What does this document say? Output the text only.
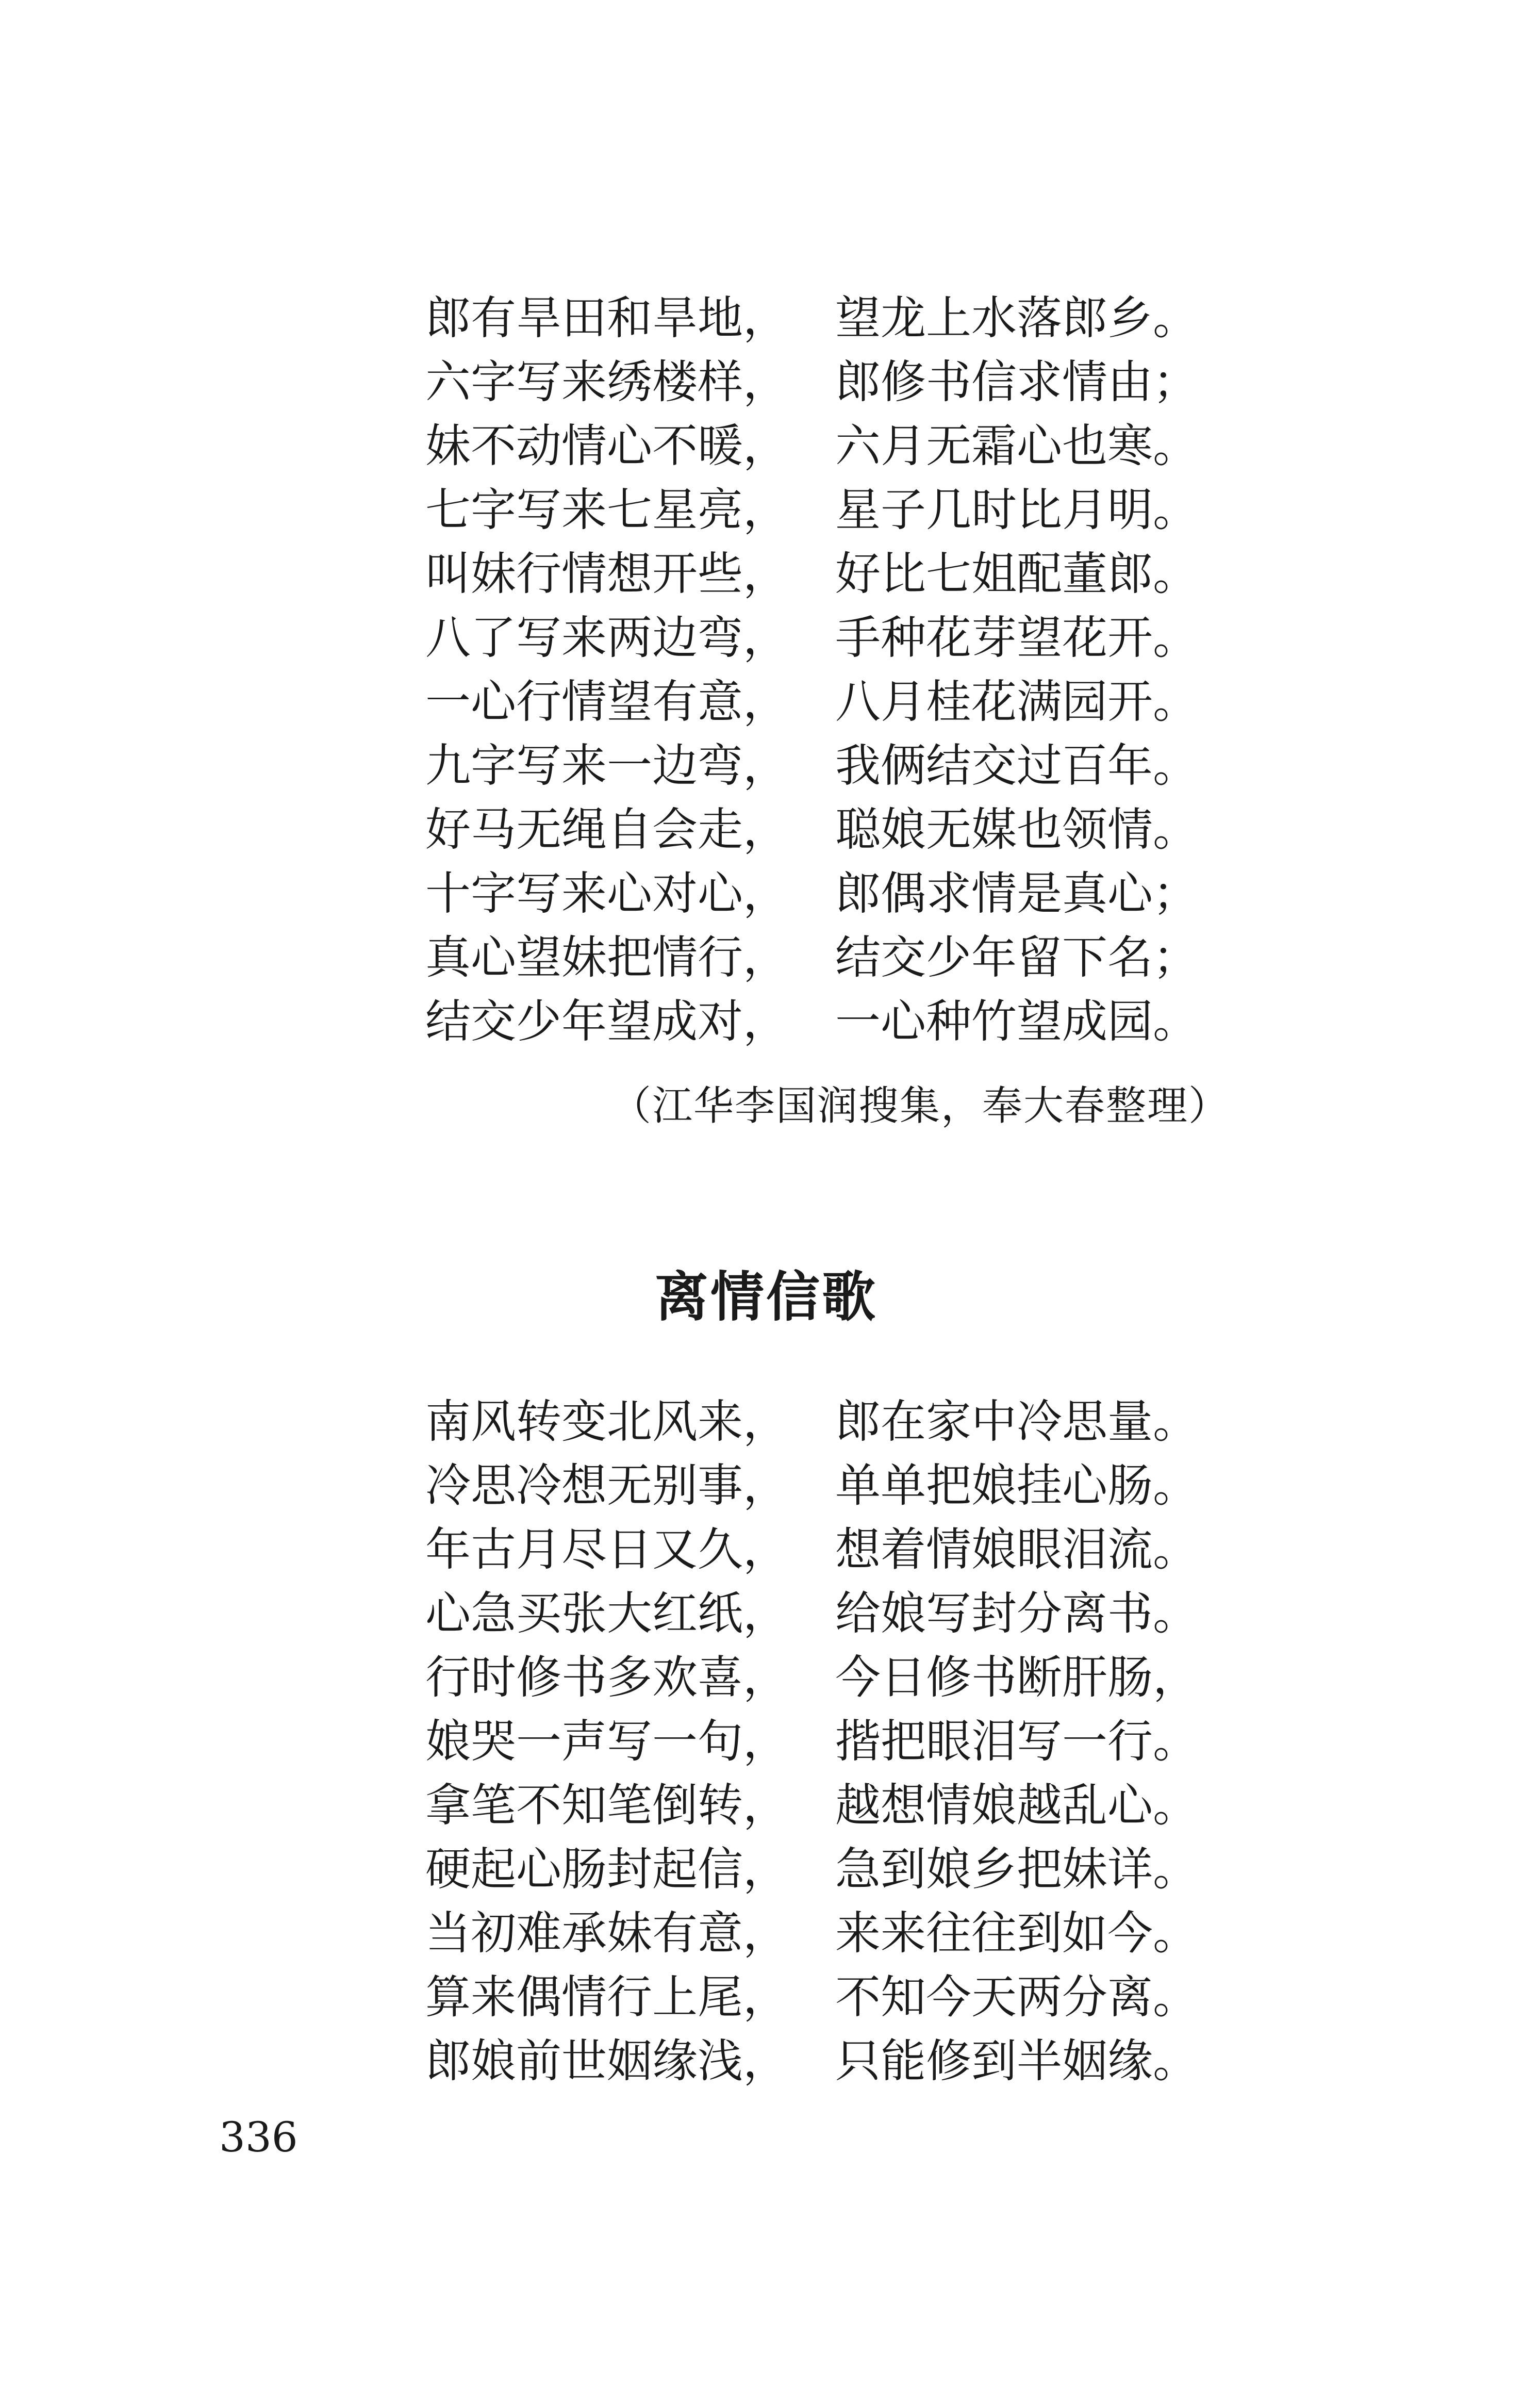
郎有旱田和旱地， 望龙上水落郎乡。
六字写来绣楼样， 郎修书信求情由；
妹不动情心不暖， 六月无霜心也寒。
七字写来七星亮， 星子几时比月明。
叫妹行情想开些， 好比七姐配董郎。
八了写来两边弯， 手种花芽望花开。
一心行情望有意， 八月桂花满园开。
九字写来一边弯， 我俩结交过百年。
好马无绳自会走， 聪娘无媒也领情。
十字写来心对心， 郎偶求情是真心；
真心望妹把情行， 结交少年留下名；
结交少年望成对， 一心种竹望成园。
（江华李国润搜集，奉大春整理）
离情信歌
南风转变北风来， 郎在家中冷思量。
冷思冷想无别事， 单单把娘挂心肠。
年古月尽日又久， 想着情娘眼泪流。
心急买张大红纸， 给娘写封分离书。
行时修书多欢喜， 今日修书断肝肠，
娘哭一声写一句， 揩把眼泪写一行。
拿笔不知笔倒转， 越想情娘越乱心。
硬起心肠封起信， 急到娘乡把妹详。
当初难承妹有意， 来来往往到如今。
算来偶情行上尾， 不知今天两分离。
郎娘前世姻缘浅， 只能修到半姻缘。
336
